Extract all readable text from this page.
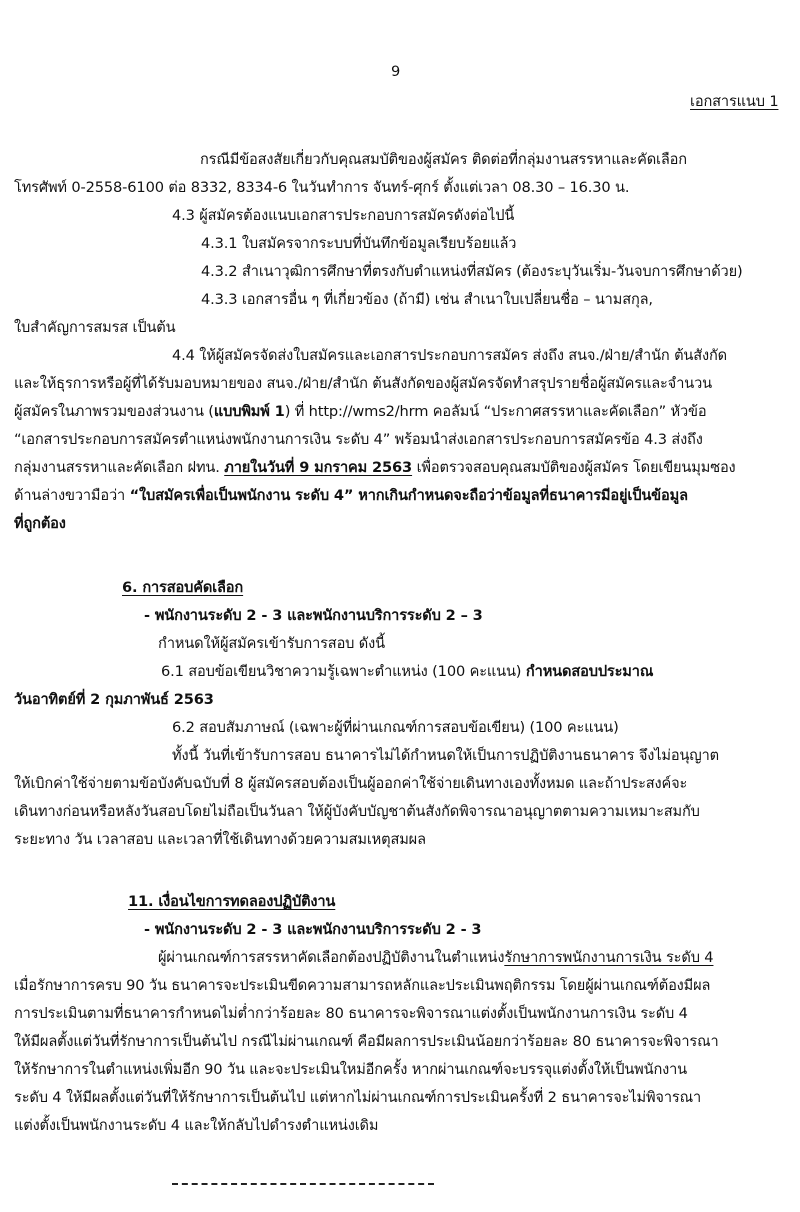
9
เอกสารแนบ 1
กรณีมีข้อสงสัยเกี่ยวกับคุณสมบัติของผู้สมัคร ติดต่อที่กลุ่มงานสรรหาและคัดเลือก
โทรศัพท์ 0-2558-6100 ต่อ 8332, 8334-6 ในวันทำการ จันทร์-ศุกร์ ตั้งแต่เวลา 08.30 – 16.30 น.
4.3 ผู้สมัครต้องแนบเอกสารประกอบการสมัครดังต่อไปนี้
4.3.1 ใบสมัครจากระบบที่บันทึกข้อมูลเรียบร้อยแล้ว
4.3.2 สำเนาวุฒิการศึกษาที่ตรงกับตำแหน่งที่สมัคร (ต้องระบุวันเริ่ม-วันจบการศึกษาด้วย)
4.3.3 เอกสารอื่น ๆ ที่เกี่ยวข้อง (ถ้ามี) เช่น สำเนาใบเปลี่ยนชื่อ – นามสกุล,
ใบสำคัญการสมรส เป็นต้น
4.4 ให้ผู้สมัครจัดส่งใบสมัครและเอกสารประกอบการสมัคร ส่งถึง สนจ./ฝ่าย/สำนัก ต้นสังกัด
และให้ธุรการหรือผู้ที่ได้รับมอบหมายของ สนจ./ฝ่าย/สำนัก ต้นสังกัดของผู้สมัครจัดทำสรุปรายชื่อผู้สมัครและจำนวน
ผู้สมัครในภาพรวมของส่วนงาน (แบบพิมพ์ 1) ที่ http://wms2/hrm คอลัมน์ “ประกาศสรรหาและคัดเลือก” หัวข้อ
“เอกสารประกอบการสมัครตำแหน่งพนักงานการเงิน ระดับ 4” พร้อมนำส่งเอกสารประกอบการสมัครข้อ 4.3 ส่งถึง
กลุ่มงานสรรหาและคัดเลือก ฝทน. ภายในวันที่ 9 มกราคม 2563 เพื่อตรวจสอบคุณสมบัติของผู้สมัคร โดยเขียนมุมซอง
ด้านล่างขวามือว่า “ใบสมัครเพื่อเป็นพนักงาน ระดับ 4” หากเกินกำหนดจะถือว่าข้อมูลที่ธนาคารมีอยู่เป็นข้อมูล
ที่ถูกต้อง
6. การสอบคัดเลือก
- พนักงานระดับ 2 - 3 และพนักงานบริการระดับ 2 – 3
กำหนดให้ผู้สมัครเข้ารับการสอบ ดังนี้
6.1 สอบข้อเขียนวิชาความรู้เฉพาะตำแหน่ง (100 คะแนน) กำหนดสอบประมาณ
วันอาทิตย์ที่ 2 กุมภาพันธ์ 2563
6.2 สอบสัมภาษณ์ (เฉพาะผู้ที่ผ่านเกณฑ์การสอบข้อเขียน) (100 คะแนน)
ทั้งนี้ วันที่เข้ารับการสอบ ธนาคารไม่ได้กำหนดให้เป็นการปฏิบัติงานธนาคาร จึงไม่อนุญาต
ให้เบิกค่าใช้จ่ายตามข้อบังคับฉบับที่ 8 ผู้สมัครสอบต้องเป็นผู้ออกค่าใช้จ่ายเดินทางเองทั้งหมด และถ้าประสงค์จะ
เดินทางก่อนหรือหลังวันสอบโดยไม่ถือเป็นวันลา ให้ผู้บังคับบัญชาต้นสังกัดพิจารณาอนุญาตตามความเหมาะสมกับ
ระยะทาง วัน เวลาสอบ และเวลาที่ใช้เดินทางด้วยความสมเหตุสมผล
11. เงื่อนไขการทดลองปฏิบัติงาน
- พนักงานระดับ 2 - 3 และพนักงานบริการระดับ 2 - 3
ผู้ผ่านเกณฑ์การสรรหาคัดเลือกต้องปฏิบัติงานในตำแหน่งรักษาการพนักงานการเงิน ระดับ 4
เมื่อรักษาการครบ 90 วัน ธนาคารจะประเมินขีดความสามารถหลักและประเมินพฤติกรรม โดยผู้ผ่านเกณฑ์ต้องมีผล
การประเมินตามที่ธนาคารกำหนดไม่ต่ำกว่าร้อยละ 80 ธนาคารจะพิจารณาแต่งตั้งเป็นพนักงานการเงิน ระดับ 4
ให้มีผลตั้งแต่วันที่รักษาการเป็นต้นไป กรณีไม่ผ่านเกณฑ์ คือมีผลการประเมินน้อยกว่าร้อยละ 80 ธนาคารจะพิจารณา
ให้รักษาการในตำแหน่งเพิ่มอีก 90 วัน และจะประเมินใหม่อีกครั้ง หากผ่านเกณฑ์จะบรรจุแต่งตั้งให้เป็นพนักงาน
ระดับ 4 ให้มีผลตั้งแต่วันที่ให้รักษาการเป็นต้นไป แต่หากไม่ผ่านเกณฑ์การประเมินครั้งที่ 2 ธนาคารจะไม่พิจารณา
แต่งตั้งเป็นพนักงานระดับ 4 และให้กลับไปดำรงตำแหน่งเดิม
